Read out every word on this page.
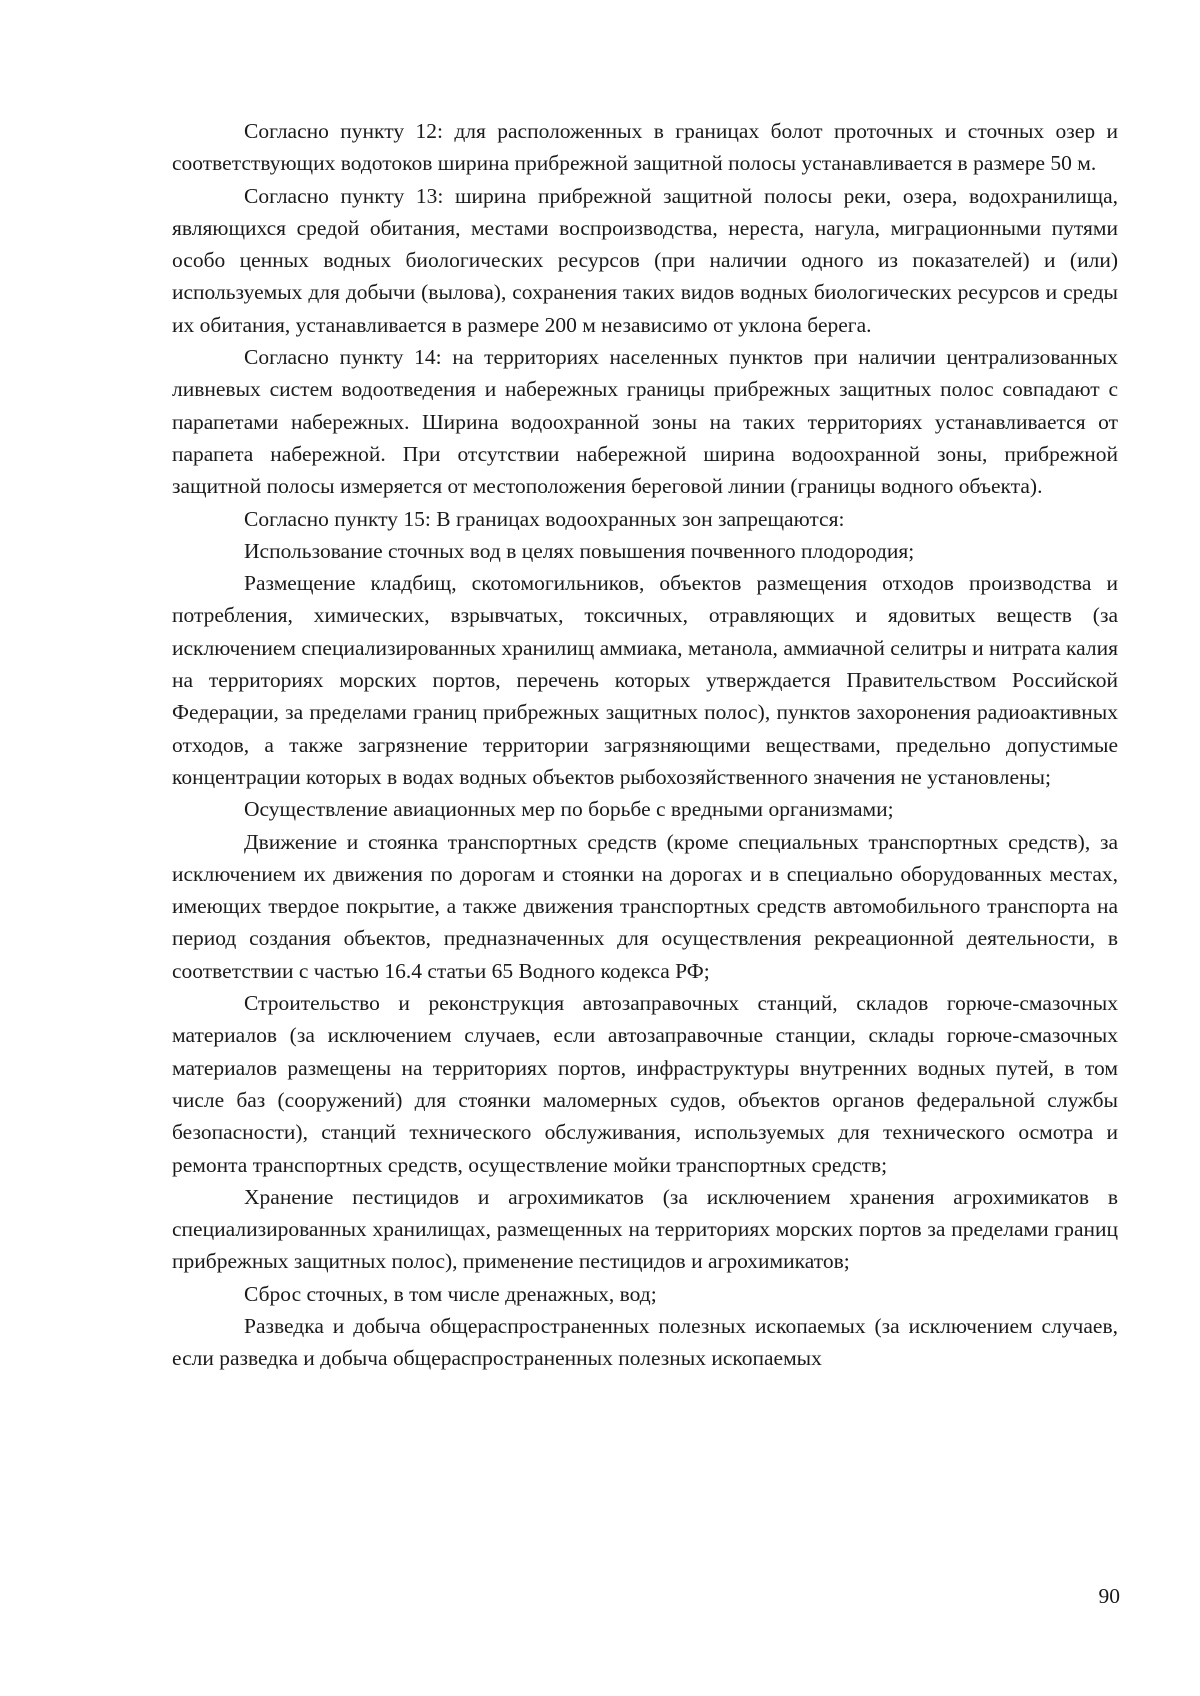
Согласно пункту 12: для расположенных в границах болот проточных и сточных озер и соответствующих водотоков ширина прибрежной защитной полосы устанавливается в размере 50 м.

Согласно пункту 13: ширина прибрежной защитной полосы реки, озера, водохранилища, являющихся средой обитания, местами воспроизводства, нереста, нагула, миграционными путями особо ценных водных биологических ресурсов (при наличии одного из показателей) и (или) используемых для добычи (вылова), сохранения таких видов водных биологических ресурсов и среды их обитания, устанавливается в размере 200 м независимо от уклона берега.

Согласно пункту 14: на территориях населенных пунктов при наличии централизованных ливневых систем водоотведения и набережных границы прибрежных защитных полос совпадают с парапетами набережных. Ширина водоохранной зоны на таких территориях устанавливается от парапета набережной. При отсутствии набережной ширина водоохранной зоны, прибрежной защитной полосы измеряется от местоположения береговой линии (границы водного объекта).

Согласно пункту 15: В границах водоохранных зон запрещаются:

Использование сточных вод в целях повышения почвенного плодородия;

Размещение кладбищ, скотомогильников, объектов размещения отходов производства и потребления, химических, взрывчатых, токсичных, отравляющих и ядовитых веществ (за исключением специализированных хранилищ аммиака, метанола, аммиачной селитры и нитрата калия на территориях морских портов, перечень которых утверждается Правительством Российской Федерации, за пределами границ прибрежных защитных полос), пунктов захоронения радиоактивных отходов, а также загрязнение территории загрязняющими веществами, предельно допустимые концентрации которых в водах водных объектов рыбохозяйственного значения не установлены;

Осуществление авиационных мер по борьбе с вредными организмами;

Движение и стоянка транспортных средств (кроме специальных транспортных средств), за исключением их движения по дорогам и стоянки на дорогах и в специально оборудованных местах, имеющих твердое покрытие, а также движения транспортных средств автомобильного транспорта на период создания объектов, предназначенных для осуществления рекреационной деятельности, в соответствии с частью 16.4 статьи 65 Водного кодекса РФ;

Строительство и реконструкция автозаправочных станций, складов горюче-смазочных материалов (за исключением случаев, если автозаправочные станции, склады горюче-смазочных материалов размещены на территориях портов, инфраструктуры внутренних водных путей, в том числе баз (сооружений) для стоянки маломерных судов, объектов органов федеральной службы безопасности), станций технического обслуживания, используемых для технического осмотра и ремонта транспортных средств, осуществление мойки транспортных средств;

Хранение пестицидов и агрохимикатов (за исключением хранения агрохимикатов в специализированных хранилищах, размещенных на территориях морских портов за пределами границ прибрежных защитных полос), применение пестицидов и агрохимикатов;

Сброс сточных, в том числе дренажных, вод;

Разведка и добыча общераспространенных полезных ископаемых (за исключением случаев, если разведка и добыча общераспространенных полезных ископаемых

90
